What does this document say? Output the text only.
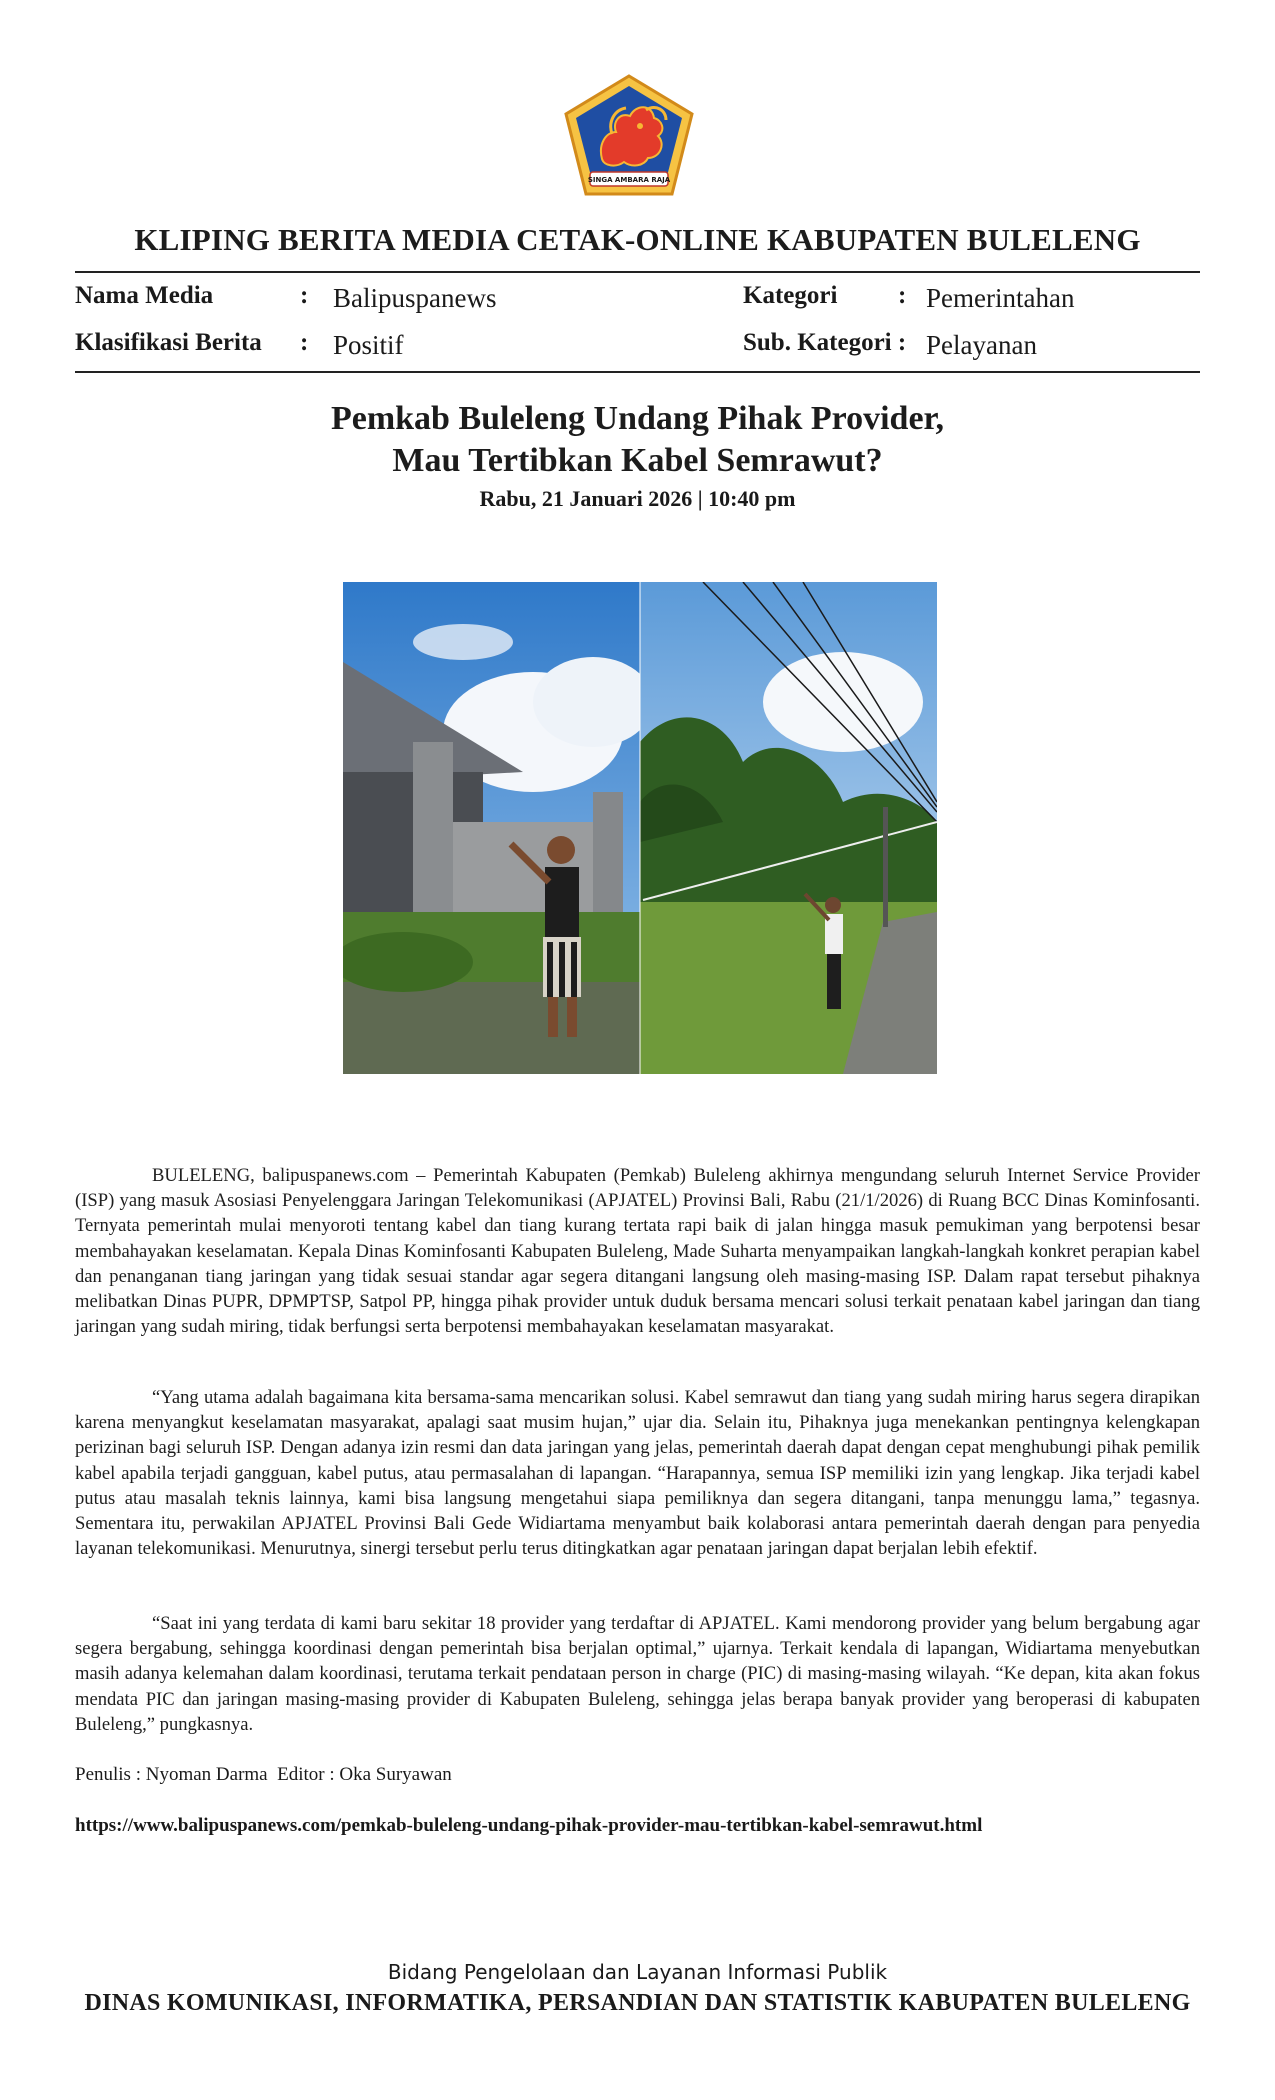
SINGA AMBARA RAJA
KLIPING BERITA MEDIA CETAK-ONLINE KABUPATEN BULELENG
Nama Media	: Balipuspanews
Klasifikasi Berita : Positif
Kategori : Pemerintahan
Sub. Kategori : Pelayanan
Pemkab Buleleng Undang Pihak Provider,
Mau Tertibkan Kabel Semrawut?
Rabu, 21 Januari 2026 | 10:40 pm

BULELENG, balipuspanews.com – Pemerintah Kabupaten (Pemkab) Buleleng akhirnya mengundang seluruh Internet Service Provider (ISP) yang masuk Asosiasi Penyelenggara Jaringan Telekomunikasi (APJATEL) Provinsi Bali, Rabu (21/1/2026) di Ruang BCC Dinas Kominfosanti. Ternyata pemerintah mulai menyoroti tentang kabel dan tiang kurang tertata rapi baik di jalan hingga masuk pemukiman yang berpotensi besar membahayakan keselamatan. Kepala Dinas Kominfosanti Kabupaten Buleleng, Made Suharta menyampaikan langkah-langkah konkret perapian kabel dan penanganan tiang jaringan yang tidak sesuai standar agar segera ditangani langsung oleh masing-masing ISP. Dalam rapat tersebut pihaknya melibatkan Dinas PUPR, DPMPTSP, Satpol PP, hingga pihak provider untuk duduk bersama mencari solusi terkait penataan kabel jaringan dan tiang jaringan yang sudah miring, tidak berfungsi serta berpotensi membahayakan keselamatan masyarakat.

“Yang utama adalah bagaimana kita bersama-sama mencarikan solusi. Kabel semrawut dan tiang yang sudah miring harus segera dirapikan karena menyangkut keselamatan masyarakat, apalagi saat musim hujan,” ujar dia. Selain itu, Pihaknya juga menekankan pentingnya kelengkapan perizinan bagi seluruh ISP. Dengan adanya izin resmi dan data jaringan yang jelas, pemerintah daerah dapat dengan cepat menghubungi pihak pemilik kabel apabila terjadi gangguan, kabel putus, atau permasalahan di lapangan. “Harapannya, semua ISP memiliki izin yang lengkap. Jika terjadi kabel putus atau masalah teknis lainnya, kami bisa langsung mengetahui siapa pemiliknya dan segera ditangani, tanpa menunggu lama,” tegasnya. Sementara itu, perwakilan APJATEL Provinsi Bali Gede Widiartama menyambut baik kolaborasi antara pemerintah daerah dengan para penyedia layanan telekomunikasi. Menurutnya, sinergi tersebut perlu terus ditingkatkan agar penataan jaringan dapat berjalan lebih efektif.

“Saat ini yang terdata di kami baru sekitar 18 provider yang terdaftar di APJATEL. Kami mendorong provider yang belum bergabung agar segera bergabung, sehingga koordinasi dengan pemerintah bisa berjalan optimal,” ujarnya. Terkait kendala di lapangan, Widiartama menyebutkan masih adanya kelemahan dalam koordinasi, terutama terkait pendataan person in charge (PIC) di masing-masing wilayah. “Ke depan, kita akan fokus mendata PIC dan jaringan masing-masing provider di Kabupaten Buleleng, sehingga jelas berapa banyak provider yang beroperasi di kabupaten Buleleng,” pungkasnya.

Penulis : Nyoman Darma  Editor : Oka Suryawan
https://www.balipuspanews.com/pemkab-buleleng-undang-pihak-provider-mau-tertibkan-kabel-semrawut.html
Bidang Pengelolaan dan Layanan Informasi Publik
DINAS KOMUNIKASI, INFORMATIKA, PERSANDIAN DAN STATISTIK KABUPATEN BULELENG
